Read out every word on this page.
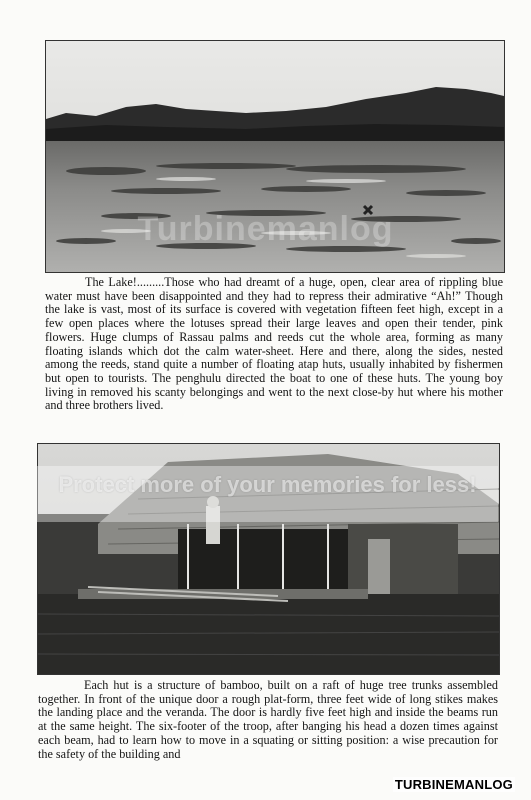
The Lake!.........Those who had dreamt of a huge, open, clear area of rippling blue water must have been disappointed and they had to repress their admirative “Ah!” Though the lake is vast, most of its surface is covered with vegetation fifteen feet high, except in a few open places where the lotuses spread their large leaves and open their tender, pink flowers. Huge clumps of Rassau palms and reeds cut the whole area, forming as many floating islands which dot the calm water-sheet. Here and there, along the sides, nested among the reeds, stand quite a number of floating atap huts, usually inhabited by fishermen but open to tourists. The penghulu directed the boat to one of these huts. The young boy living in removed his scanty belongings and went to the next close-by hut where his mother and three brothers lived.

Protect more of your memories for less!

Each hut is a structure of bamboo, built on a raft of huge tree trunks assembled together. In front of the unique door a rough plat-form, three feet wide of long stikes makes the landing place and the veranda. The door is hardly five feet high and inside the beams run at the same height. The six-footer of the troop, after banging his head a dozen times against each beam, had to learn how to move in a squating or sitting position: a wise precaution for the safety of the building and

TURBINEMANLOG
Turbinemanlog
